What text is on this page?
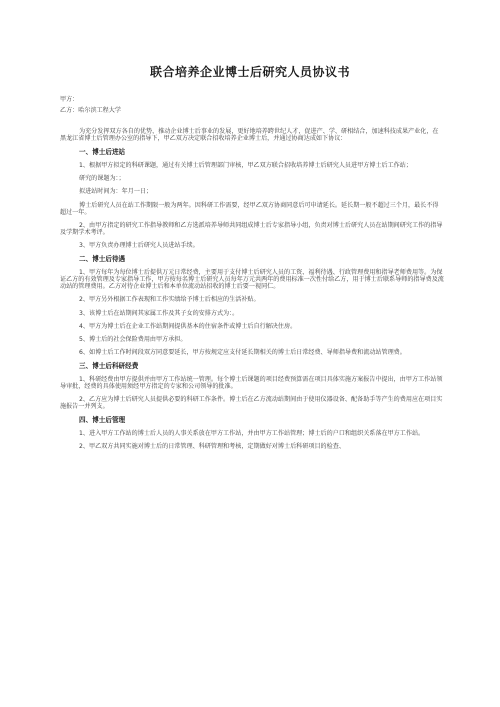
联合培养企业博士后研究人员协议书

甲方：

乙方：哈尔滨工程大学

为充分发挥双方各自的优势，推动企业博士后事业的发展，更好地培养跨世纪人才，促进产、学、研相结合，加速科技成果产业化，在黑龙江省博士后管理办公室的指导下，甲乙双方决定联合招收培养企业博士后，并通过协商达成如下协议：

一、博士后进站

1、根据甲方拟定的科研课题，通过有关博士后管理部门审核，甲乙双方联合招收培养博士后研究人员进甲方博士后工作站；

研究的课题为：；

拟进站时间为：年月一日；

博士后研究人员在站工作期限一般为两年。因科研工作需要，经甲乙双方协商同意后可申请延长。延长期一般不超过三个月，最长不得超过一年。

2、由甲方指定的研究工作指导教师和乙方选派培养导师共同组成博士后专家指导小组，负责对博士后研究人员在站期间研究工作的指导及学期学术考评。

3、甲方负责办理博士后研究人员进站手续。

二、博士后待遇

1、甲方每年为每位博士后提供万元日常经费，主要用于支付博士后研究人员的工资、福利待遇、行政管理费用和指导老师费用等。为保证乙方的有效管理及专家指导工作，甲方按每名博士后研究人员每年万元共两年的费用标准一次性付给乙方，用于博士后联系导师的指导费及流动站的管理费用。乙方对待企业博士后和本单位流动站招收的博士后要一视同仁。

2、甲方另外根据工作表现和工作实绩给予博士后相应的生活补贴。

3、该博士后在站期间其家属工作及其子女的安排方式为：。

4、甲方为博士后在企业工作站期间提供基本的住宿条件或博士后自行解决住房。

5、博士后的社会保险费用由甲方承担。

6、如博士后工作时间段双方同意要延长，甲方按规定应支付延长期相关的博士后日常经费、导师指导费和流动站管理费。

三、博士后科研经费

1、科研经费由甲方提供并由甲方工作站统一管理。每个博士后课题的项目经费预算需在项目具体实施方案报告中提出，由甲方工作站领导审批，经费的具体使用须经甲方指定的专家和公司领导的批准。

2、乙方应为博士后研究人员提供必要的科研工作条件。博士后在乙方流动站期间由于使用仪器设备、配备助手等产生的费用应在项目实施报告一并列支。

四、博士后管理

1、进入甲方工作站的博士后人员的人事关系放在甲方工作站，并由甲方工作站管理；博士后的户口和组织关系落在甲方工作站。

2、甲乙双方共同实施对博士后的日常管理、科研管理和考核，定期做好对博士后科研项目的检查、
